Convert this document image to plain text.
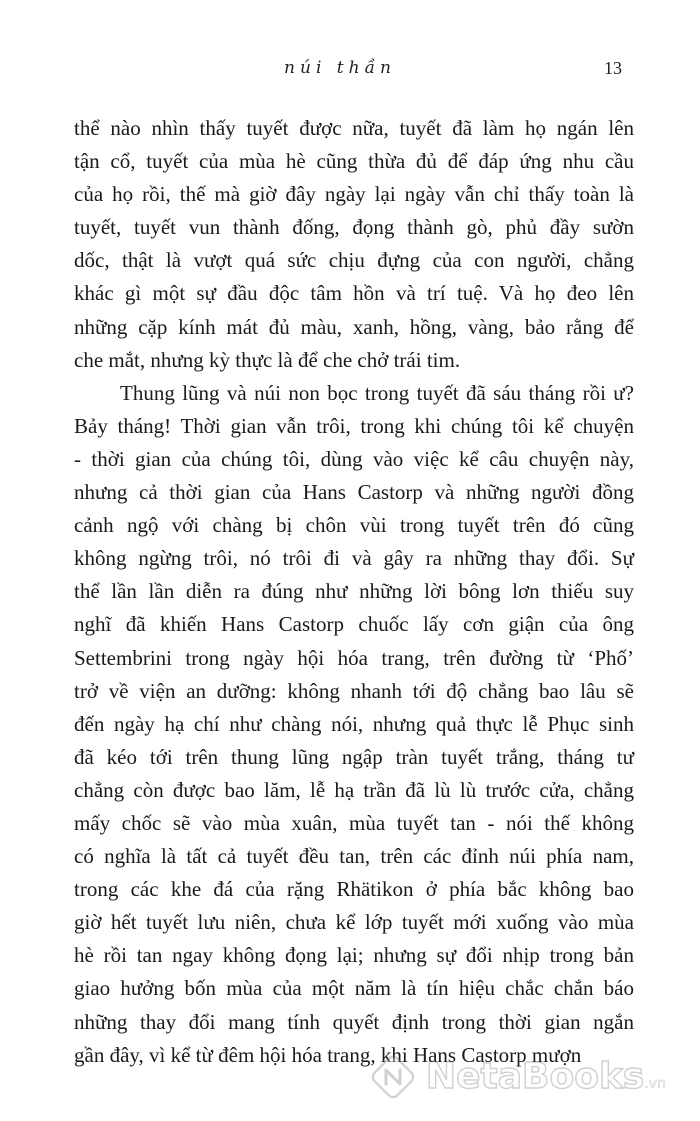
núi thần	13
thể nào nhìn thấy tuyết được nữa, tuyết đã làm họ ngán lên
tận cổ, tuyết của mùa hè cũng thừa đủ để đáp ứng nhu cầu
của họ rồi, thế mà giờ đây ngày lại ngày vẫn chỉ thấy toàn là
tuyết, tuyết vun thành đống, đọng thành gò, phủ đầy sườn
dốc, thật là vượt quá sức chịu đựng của con người, chẳng
khác gì một sự đầu độc tâm hồn và trí tuệ. Và họ đeo lên
những cặp kính mát đủ màu, xanh, hồng, vàng, bảo rằng để
che mắt, nhưng kỳ thực là để che chở trái tim.
Thung lũng và núi non bọc trong tuyết đã sáu tháng rồi ư?
Bảy tháng! Thời gian vẫn trôi, trong khi chúng tôi kể chuyện
- thời gian của chúng tôi, dùng vào việc kể câu chuyện này,
nhưng cả thời gian của Hans Castorp và những người đồng
cảnh ngộ với chàng bị chôn vùi trong tuyết trên đó cũng
không ngừng trôi, nó trôi đi và gây ra những thay đổi. Sự
thể lần lần diễn ra đúng như những lời bông lơn thiếu suy
nghĩ đã khiến Hans Castorp chuốc lấy cơn giận của ông
Settembrini trong ngày hội hóa trang, trên đường từ ‘Phố’
trở về viện an dưỡng: không nhanh tới độ chẳng bao lâu sẽ
đến ngày hạ chí như chàng nói, nhưng quả thực lễ Phục sinh
đã kéo tới trên thung lũng ngập tràn tuyết trắng, tháng tư
chẳng còn được bao lăm, lễ hạ trần đã lù lù trước cửa, chẳng
mấy chốc sẽ vào mùa xuân, mùa tuyết tan - nói thế không
có nghĩa là tất cả tuyết đều tan, trên các đỉnh núi phía nam,
trong các khe đá của rặng Rhätikon ở phía bắc không bao
giờ hết tuyết lưu niên, chưa kể lớp tuyết mới xuống vào mùa
hè rồi tan ngay không đọng lại; nhưng sự đổi nhịp trong bản
giao hưởng bốn mùa của một năm là tín hiệu chắc chắn báo
những thay đổi mang tính quyết định trong thời gian ngắn
gần đây, vì kể từ đêm hội hóa trang, khi Hans Castorp mượn
NetaBooks.vn
